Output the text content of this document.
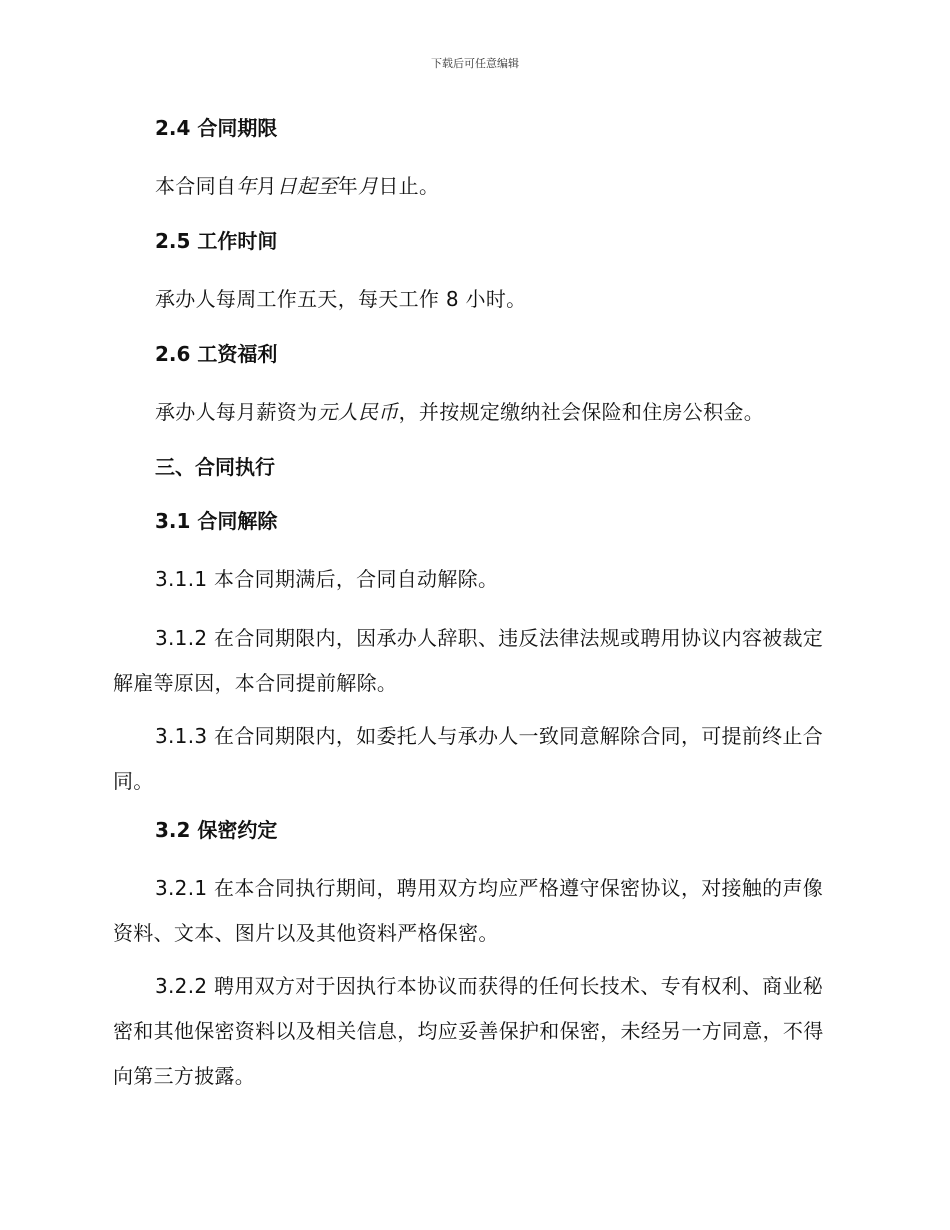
下载后可任意编辑
2.4 合同期限
本合同自年月日起至年月日止。
2.5 工作时间
承办人每周工作五天，每天工作 8 小时。
2.6 工资福利
承办人每月薪资为元人民币，并按规定缴纳社会保险和住房公积金。
三、合同执行
3.1 合同解除
3.1.1 本合同期满后，合同自动解除。
3.1.2 在合同期限内，因承办人辞职、违反法律法规或聘用协议内容被裁定解雇等原因，本合同提前解除。
3.1.3 在合同期限内，如委托人与承办人一致同意解除合同，可提前终止合同。
3.2 保密约定
3.2.1 在本合同执行期间，聘用双方均应严格遵守保密协议，对接触的声像资料、文本、图片以及其他资料严格保密。
3.2.2 聘用双方对于因执行本协议而获得的任何长技术、专有权利、商业秘密和其他保密资料以及相关信息，均应妥善保护和保密，未经另一方同意，不得向第三方披露。
